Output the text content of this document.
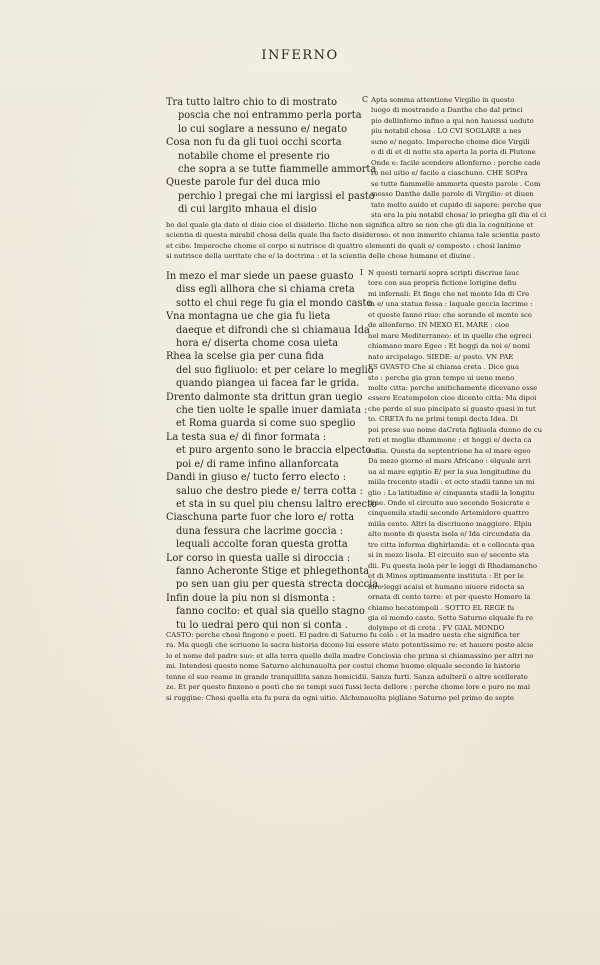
INFERNO
Tra tutto laltro chio to di mostrato
poscia che noi entrammo perla porta
lo cui soglare a nessuno e/ negato
Cosa non fu da gli tuoi occhi scorta
notabile chome el presente rio
che sopra a se tutte fiammelle ammorta
Queste parole fur del duca mio
perchio l pregai che mi largissi el pasto
di cui largito mhaua el disio
C Apta somma attentione Virgilio in questo
luogo di mostrando a Danthe che dal princi
pio dellinferno infino a qui non hauessi ueduto
piu notabil chosa . LO CVI SOGLARE a nes
suno e/ negato. Imperoche chome dice Virgili
o di di et di notte sta aperta la porta di Plutone
Onde e: facile scendere allonferno : perche cade
re nel uitio e/ facile a ciaschuno. CHE SOPra
se tutte fiammelle ammorta questo parole . Com
mosso Danthe dalle parole di Virgilio: et diuen
tato molto auido et cupido di sapere: perche que
sta era la piu notabil chosa/ lo priegha gli dia el ci
bo del quale gla dato el disio cioe el disiderio. Iliche non significa altro se non che gli dia la cognitione et
scientia di questa mirabil chosa della quale lha facto disideroso: et non inmerito chiama tale scientia pasto
et cibo. Imperoche chome el corpo si nutrisce di quattro elementi de quali e/ composto : chosi lanimo
si nutrisce della ueritate che e/ la doctrina : et la scientia delle chose humane et diuine .
In mezo el mar siede un paese guasto
diss egli allhora che si chiama creta
sotto el chui rege fu gia el mondo casto.
Vna montagna ue che gia fu lieta
daeque et difrondi che si chiamaua Ida
hora e/ diserta chome cosa uieta
Rhea la scelse gia per cuna fida
del suo figliuolo: et per celare lo meglio
quando piangea ui facea far le grida.
Drento dalmonte sta drittun gran uegio
che tien uolte le spalle inuer damiata :
et Roma guarda si come suo speglio
La testa sua e/ di finor formata :
et puro argento sono le braccia elpecto :
poi e/ di rame infino allanforcata
Dandi in giuso e/ tucto ferro electo :
saluo che destro piede e/ terra cotta :
et sta in su quel piu chensu laltro erecto
Ciaschuna parte fuor che loro e/ rotta
duna fessura che lacrime goccia :
lequali accolte foran questa grotta
Lor corso in questa ualle si diroccia :
fanno Acheronte Stige et phlegethonta
po sen uan giu per questa strecta doccia .
Infin doue la piu non si dismonta :
fanno cocito: et qual sia quello stagno
tu lo uedrai pero qui non si conta .
I N questi ternarii sopra scripti discriue lauc
tore con sua propria fictione lorigine defiu
mi infernali: Et finge che nel monte Ida di Cre
ta e/ una statua fessa : laquale geccia lacrime :
et queste fanno riuo: che sorando el monte sce
de allonferno. IN MEXO EL MARE : cioe
nel mare Mediterraneo: et in quello che egreci
chiamano mare Egeo : Et hoggi da noi e/ nomi
nato arcipelago. SIEDE: e/ posto. VN PAE
ES GVASTO Che si chiama creta . Dice gua
sto : perche gia gran tempo ui uene meno
molte citta: perche anitichamente dicevano esse
essere Ecatompolon cioe dicento citta: Ma dipoi
che perde el suo pincipato si guasto quasi in tut
to. CRETA fu ne primi tempi decta Idea. Di
poi prese suo nome daCreta figliuola dunno de cu
reti et moglie dhammone : et hoggi e/ decta ca
radia. Questa da septentrione ha el mare egeo
Da mezo giorno el mare Africano : elquale arri
ua al mare egiptio E/ per la sua longitudine du
miila trecento stadii : et octo stadii tanno un mi
glio : La latitudine e/ cinquanta stadii la longitu
dine. Onde el circuito suo secondo Sosicrate e
cinquemila stadii secondo Artemidoro quattro
miila cento. Altri la discriuono maggiore. Elpiu
alto monte di questa isola e/ Ida circundata da
tre citta informa dighirlanda: et e collocata qua
si in mezo lisola. El circuito suo e/ secento sta
dii. Fu questa isola per le leggi di Rhadamancho
et di Minos optimamente instituta : Et per le
loro leggi acaisi et humano uiuere ridocta sa
ornata di cento terre: et per questo Homero la
chiamo hecatompoli . SOTTO EL REGE fu
gia el mondo casto. Sotto Saturno elquale fu re
dolympo et di creta . FV GIAL MONDO
CASTO: perche chosi fingono e poeti. El padre di Saturno fu celo : et la madre uesta che significa ter
ra. Ma quegli che scriuono la sacra historia dicono lui essere stato potentissimo re: et hauere posto alcie
lo el nome del padre suo: et alla terra quello della madre Conciosia che prima si chiamassino per altri no
mi. Intendesi questo nome Saturno alchunauolta per costui chome huomo elquale secondo le historie
tenne el suo reame in grande tranquillita sanza homicidii. Sanza furti. Sanza adulterii o altre scellerate
ze. Et per questo finxono e poeti che ne tempi suoi fussi lecta dellore : perche chome lore e puro ne mai
si ruggine: Chosi quella eta fu pura da ogni uitio. Alchunauolta pigliano Saturno pel primo de septe
